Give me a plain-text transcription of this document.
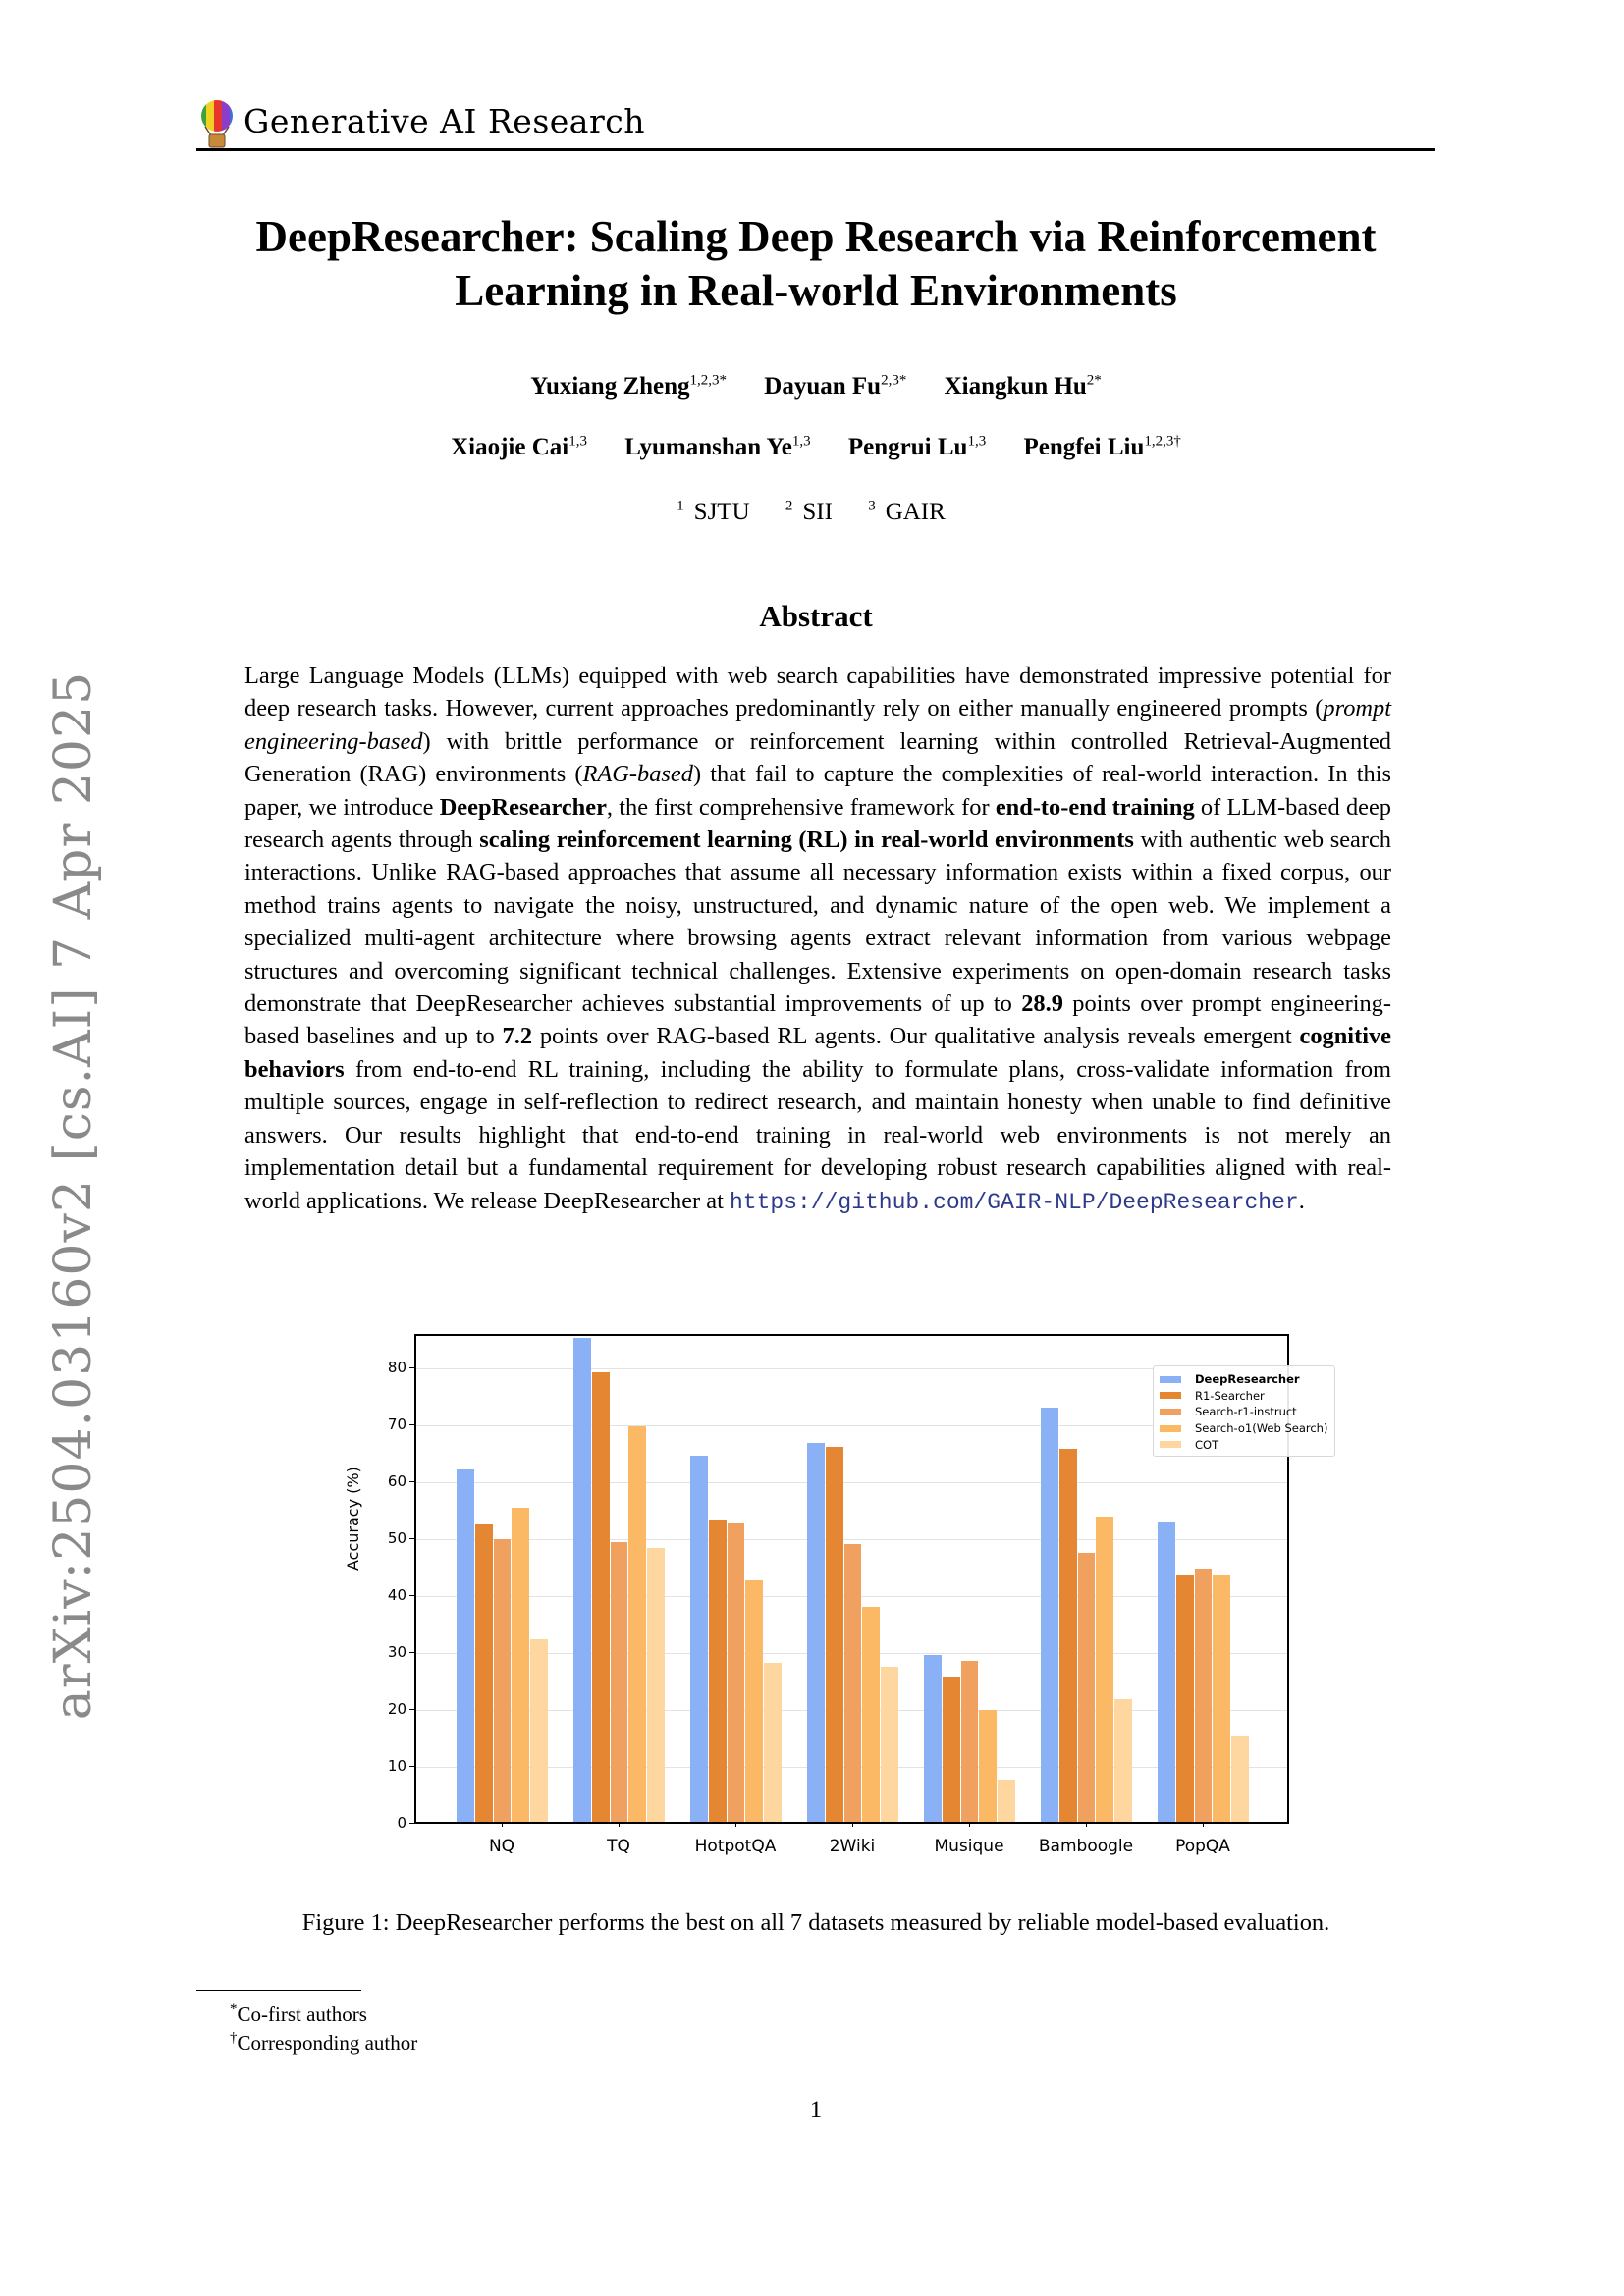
Generative AI Research
arXiv:2504.03160v2 [cs.AI] 7 Apr 2025
DeepResearcher: Scaling Deep Research via Reinforcement
Learning in Real-world Environments
Yuxiang Zheng$^{1,2,3*}$ Dayuan $Fu^{2,3*}$ Xiangkun $Hu^{2*}$
Xiaojie Cai$^{1,3}$ Lyumanshan Ye$^{1,3}$ Pengrui Lu$^{1,3}$ Pengfei Liu$^{1,2,3\dagger}$
$^1$ SJTU $^2$ SII $^3$ GAIR
Abstract
Large Language Models (LLMs) equipped with web search capabilities have demonstrated impressive potential for deep research tasks. However, current approaches predominantly rely on either manually engineered prompts (prompt engineering-based) with brittle performance or reinforcement learning within controlled Retrieval-Augmented Generation (RAG) environments (RAG-based) that fail to capture the complexities of real-world interaction. In this paper, we introduce DeepResearcher, the first comprehensive framework for end-to-end training of LLM-based deep research agents through scaling reinforcement learning (RL) in real-world environments with authentic web search interactions. Unlike RAG-based approaches that assume all necessary information exists within a fixed corpus, our method trains agents to navigate the noisy, unstructured, and dynamic nature of the open web. We implement a specialized multi-agent architecture where browsing agents extract relevant information from various webpage structures and overcoming significant technical challenges. Extensive experiments on open-domain research tasks demonstrate that DeepResearcher achieves substantial improvements of up to 28.9 points over prompt engineering-based baselines and up to 7.2 points over RAG-based RL agents. Our qualitative analysis reveals emergent cognitive behaviors from end-to-end RL training, including the ability to formulate plans, cross-validate information from multiple sources, engage in self-reflection to redirect research, and maintain honesty when unable to find definitive answers. Our results highlight that end-to-end training in real-world web environments is not merely an implementation detail but a fundamental requirement for developing robust research capabilities aligned with real-world applications. We release DeepResearcher at https://github.com/GAIR-NLP/DeepResearcher.
Accuracy (%)
0
10
20
30
40
50
60
70
80
DeepResearcher
R1-Searcher
Search-r1-instruct
Search-o1(Web Search)
COT
NQ	TQ	HotpotQA	2Wiki	Musique Bamboogle	PopQA
Figure 1: DeepResearcher performs the best on all 7 datasets measured by reliable model-based evaluation.
*Co-first authors
†Corresponding author
1
